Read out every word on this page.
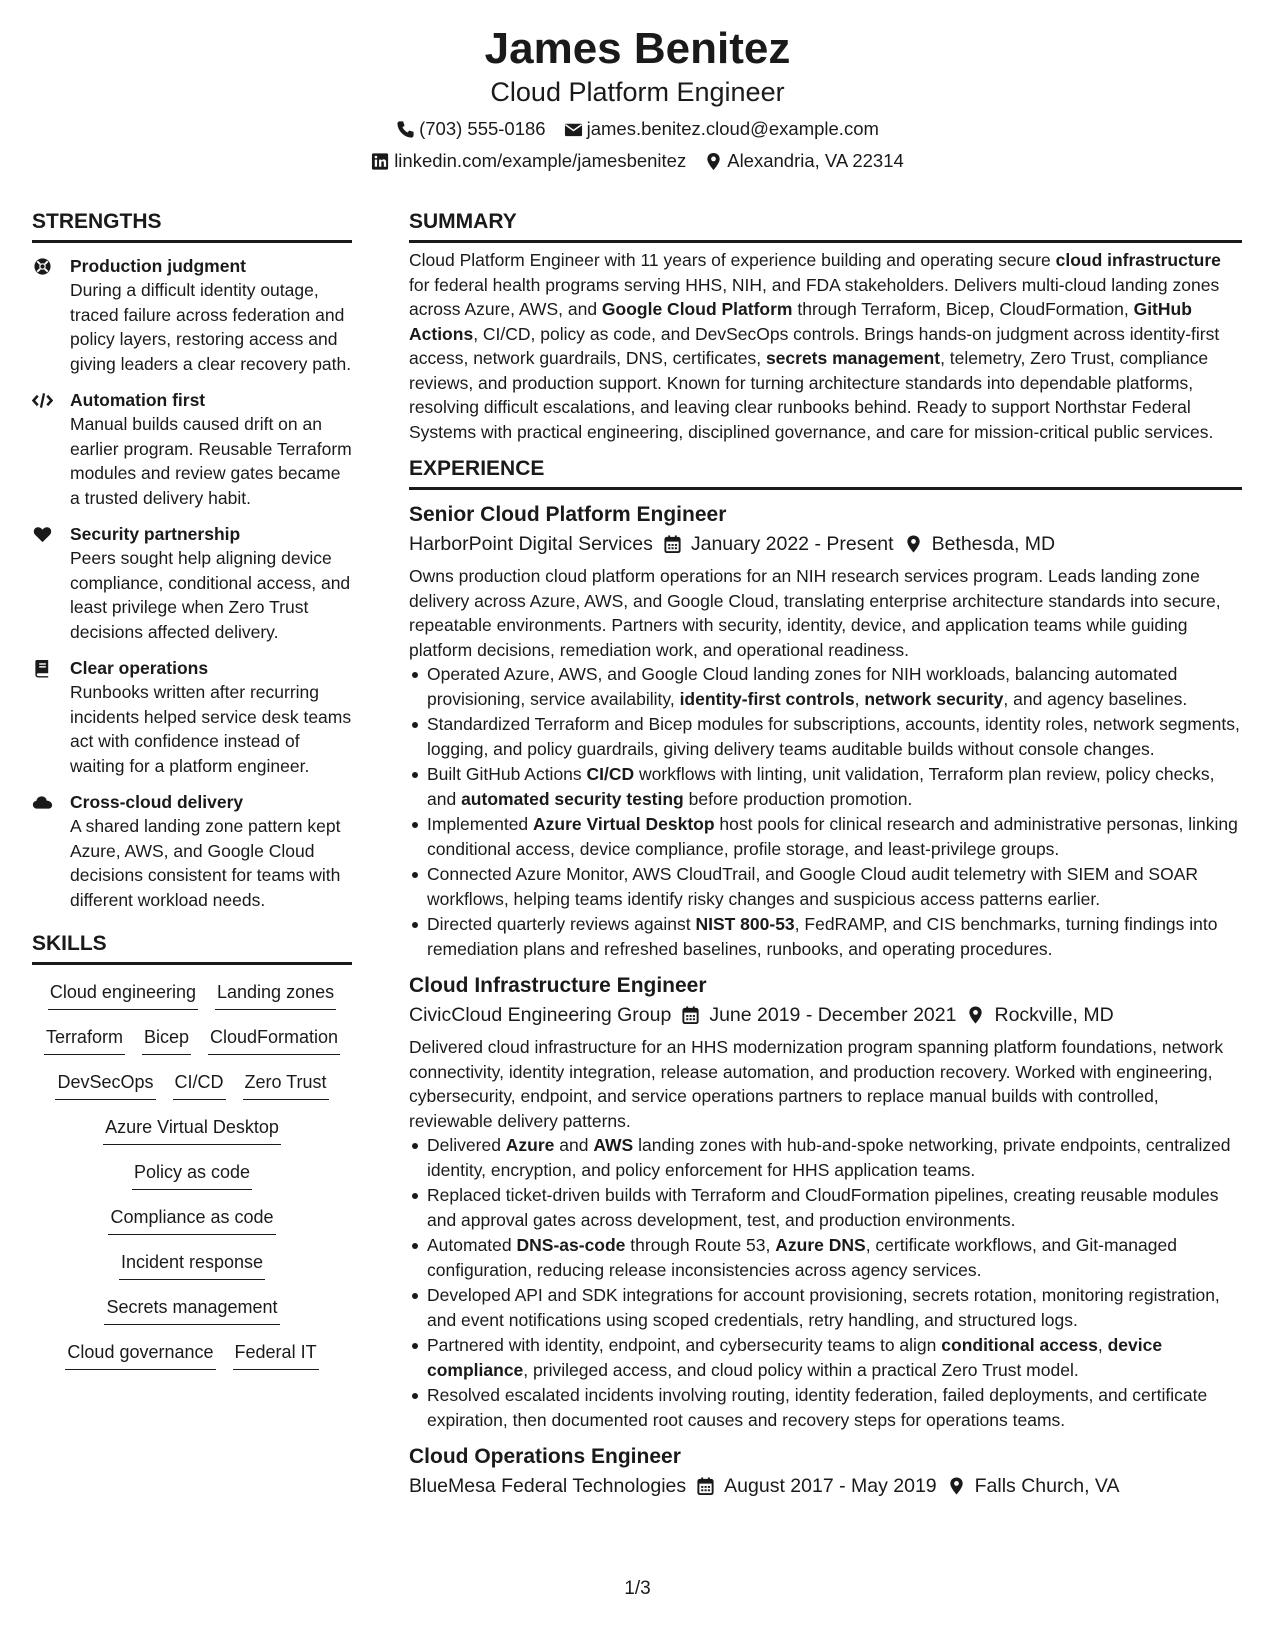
James Benitez
Cloud Platform Engineer
(703) 555-0186 james.benitez.cloud@example.com
linkedin.com/example/jamesbenitez Alexandria, VA 22314
STRENGTHS
Production judgment
During a difficult identity outage, traced failure across federation and policy layers, restoring access and giving leaders a clear recovery path.
Automation first
Manual builds caused drift on an earlier program. Reusable Terraform modules and review gates became a trusted delivery habit.
Security partnership
Peers sought help aligning device compliance, conditional access, and least privilege when Zero Trust decisions affected delivery.
Clear operations
Runbooks written after recurring incidents helped service desk teams act with confidence instead of waiting for a platform engineer.
Cross-cloud delivery
A shared landing zone pattern kept Azure, AWS, and Google Cloud decisions consistent for teams with different workload needs.
SKILLS
Cloud engineering Landing zones
Terraform Bicep CloudFormation
DevSecOps CI/CD Zero Trust
Azure Virtual Desktop
Policy as code
Compliance as code
Incident response
Secrets management
Cloud governance Federal IT
SUMMARY
Cloud Platform Engineer with 11 years of experience building and operating secure cloud infrastructure for federal health programs serving HHS, NIH, and FDA stakeholders. Delivers multi-cloud landing zones across Azure, AWS, and Google Cloud Platform through Terraform, Bicep, CloudFormation, GitHub Actions, CI/CD, policy as code, and DevSecOps controls. Brings hands-on judgment across identity-first access, network guardrails, DNS, certificates, secrets management, telemetry, Zero Trust, compliance reviews, and production support. Known for turning architecture standards into dependable platforms, resolving difficult escalations, and leaving clear runbooks behind. Ready to support Northstar Federal Systems with practical engineering, disciplined governance, and care for mission-critical public services.
EXPERIENCE
Senior Cloud Platform Engineer
HarborPoint Digital Services January 2022 - Present Bethesda, MD
Owns production cloud platform operations for an NIH research services program. Leads landing zone delivery across Azure, AWS, and Google Cloud, translating enterprise architecture standards into secure, repeatable environments. Partners with security, identity, device, and application teams while guiding platform decisions, remediation work, and operational readiness.
Operated Azure, AWS, and Google Cloud landing zones for NIH workloads, balancing automated provisioning, service availability, identity-first controls, network security, and agency baselines.
Standardized Terraform and Bicep modules for subscriptions, accounts, identity roles, network segments, logging, and policy guardrails, giving delivery teams auditable builds without console changes.
Built GitHub Actions CI/CD workflows with linting, unit validation, Terraform plan review, policy checks, and automated security testing before production promotion.
Implemented Azure Virtual Desktop host pools for clinical research and administrative personas, linking conditional access, device compliance, profile storage, and least-privilege groups.
Connected Azure Monitor, AWS CloudTrail, and Google Cloud audit telemetry with SIEM and SOAR workflows, helping teams identify risky changes and suspicious access patterns earlier.
Directed quarterly reviews against NIST 800-53, FedRAMP, and CIS benchmarks, turning findings into remediation plans and refreshed baselines, runbooks, and operating procedures.
Cloud Infrastructure Engineer
CivicCloud Engineering Group June 2019 - December 2021 Rockville, MD
Delivered cloud infrastructure for an HHS modernization program spanning platform foundations, network connectivity, identity integration, release automation, and production recovery. Worked with engineering, cybersecurity, endpoint, and service operations partners to replace manual builds with controlled, reviewable delivery patterns.
Delivered Azure and AWS landing zones with hub-and-spoke networking, private endpoints, centralized identity, encryption, and policy enforcement for HHS application teams.
Replaced ticket-driven builds with Terraform and CloudFormation pipelines, creating reusable modules and approval gates across development, test, and production environments.
Automated DNS-as-code through Route 53, Azure DNS, certificate workflows, and Git-managed configuration, reducing release inconsistencies across agency services.
Developed API and SDK integrations for account provisioning, secrets rotation, monitoring registration, and event notifications using scoped credentials, retry handling, and structured logs.
Partnered with identity, endpoint, and cybersecurity teams to align conditional access, device compliance, privileged access, and cloud policy within a practical Zero Trust model.
Resolved escalated incidents involving routing, identity federation, failed deployments, and certificate expiration, then documented root causes and recovery steps for operations teams.
Cloud Operations Engineer
BlueMesa Federal Technologies August 2017 - May 2019 Falls Church, VA
1/3
